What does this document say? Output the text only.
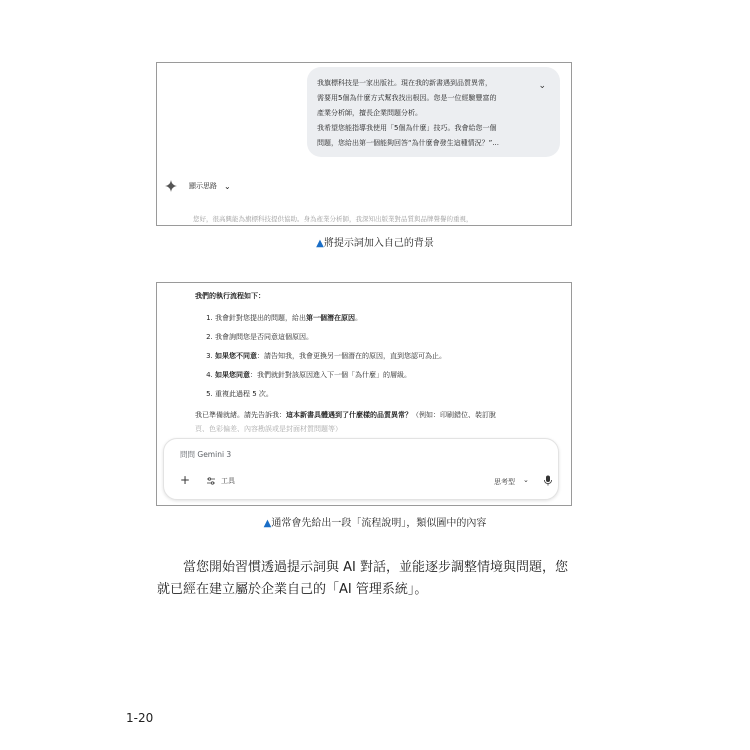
我旗標科技是一家出版社。現在我的新書遇到品質異常，

需要用5個為什麼方式幫我找出根因。您是一位經驗豐富的

產業分析師，擅長企業問題分析。

我希望您能指導我使用「5個為什麼」技巧。我會給您一個

問題，您給出第一個能夠回答“為什麼會發生這種情況？”...

⌄
顯示思路 ⌄
您好，很高興能為旗標科技提供協助。身為產業分析師，我深知出版業對品質與品牌聲譽的重視，
▲將提示詞加入自己的背景
我們的執行流程如下：
1. 我會針對您提出的問題，給出第一個潛在原因。
2. 我會詢問您是否同意這個原因。
3. 如果您不同意：請告知我，我會更換另一個潛在的原因，直到您認可為止。
4. 如果您同意：我們就針對該原因進入下一個「為什麼」的層級。
5. 重複此過程 5 次。
我已準備就緒。請先告訴我：這本新書具體遇到了什麼樣的品質異常？（例如：印刷錯位、裝訂脫
頁、色彩偏差、內容勘誤或是封面材質問題等）
問問 Gemini 3
+	工具	思考型 ⌄
▲通常會先給出一段「流程說明」，類似圖中的內容

　　當您開始習慣透過提示詞與 AI 對話，並能逐步調整情境與問題，您

就已經在建立屬於企業自己的「AI 管理系統」。

1-20
